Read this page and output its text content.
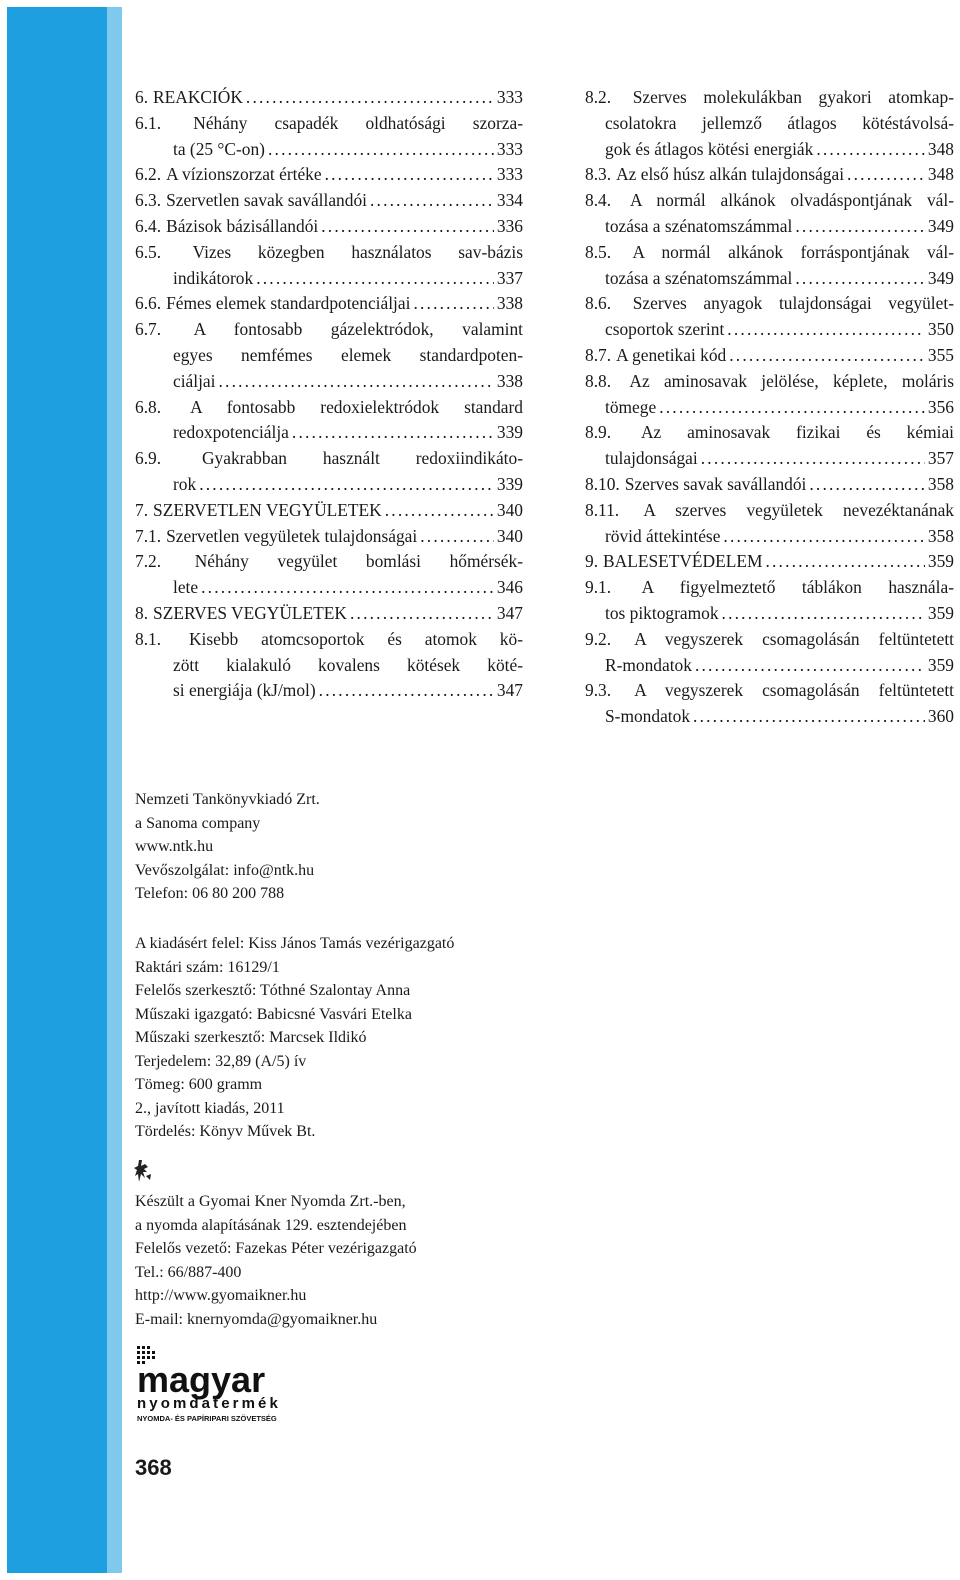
6. REAKCIÓK .....	333
6.1. Néhány csapadék oldhatósági szorza-
ta (25 °C-on) .....	333
6.2. A vízionszorzat értéke .....	333
6.3. Szervetlen savak savállandói .....	334
6.4. Bázisok bázisállandói .....	336
6.5. Vizes közegben használatos sav-bázis
indikátorok .....	337
6.6. Fémes elemek standardpotenciáljai .....	338
6.7. A fontosabb gázelektródok, valamint
egyes nemfémes elemek standardpoten-
ciáljai .....	338
6.8. A fontosabb redoxielektródok standard
redoxpotenciálja .....	339
6.9. Gyakrabban használt redoxiindikáto-
rok .....	339
7. SZERVETLEN VEGYÜLETEK .....	340
7.1. Szervetlen vegyületek tulajdonságai .....	340
7.2. Néhány vegyület bomlási hőmérsék-
lete .....	346
8. SZERVES VEGYÜLETEK .....	347
8.1. Kisebb atomcsoportok és atomok kö-
zött kialakuló kovalens kötések köté-
si energiája (kJ/mol) .....	347
8.2. Szerves molekulákban gyakori atomkap-
csolatokra jellemző átlagos kötéstávolsá-
gok és átlagos kötési energiák .....	348
8.3. Az első húsz alkán tulajdonságai .....	348
8.4. A normál alkánok olvadáspontjának vál-
tozása a szénatomszámmal .....	349
8.5. A normál alkánok forráspontjának vál-
tozása a szénatomszámmal .....	349
8.6. Szerves anyagok tulajdonságai vegyület-
csoportok szerint .....	350
8.7. A genetikai kód .....	355
8.8. Az aminosavak jelölése, képlete, moláris
tömege .....	356
8.9. Az aminosavak fizikai és kémiai
tulajdonságai .....	357
8.10. Szerves savak savállandói .....	358
8.11. A szerves vegyületek nevezéktanának
rövid áttekintése .....	358
9. BALESETVÉDELEM .....	359
9.1. A figyelmeztető táblákon használa-
tos piktogramok .....	359
9.2. A vegyszerek csomagolásán feltüntetett
R-mondatok .....	359
9.3. A vegyszerek csomagolásán feltüntetett
S-mondatok .....	360
Nemzeti Tankönyvkiadó Zrt.
a Sanoma company
www.ntk.hu
Vevőszolgálat: info@ntk.hu
Telefon: 06 80 200 788
A kiadásért felel: Kiss János Tamás vezérigazgató
Raktári szám: 16129/1
Felelős szerkesztő: Tóthné Szalontay Anna
Műszaki igazgató: Babicsné Vasvári Etelka
Műszaki szerkesztő: Marcsek Ildikó
Terjedelem: 32,89 (A/5) ív
Tömeg: 600 gramm
2., javított kiadás, 2011
Tördelés: Könyv Művek Bt.
Készült a Gyomai Kner Nyomda Zrt.-ben,
a nyomda alapításának 129. esztendejében
Felelős vezető: Fazekas Péter vezérigazgató
Tel.: 66/887-400
http://www.gyomaikner.hu
E-mail: knernyomda@gyomaikner.hu
magyar
nyomdatermék
NYOMDA- ÉS PAPÍRIPARI SZÖVETSÉG
368
